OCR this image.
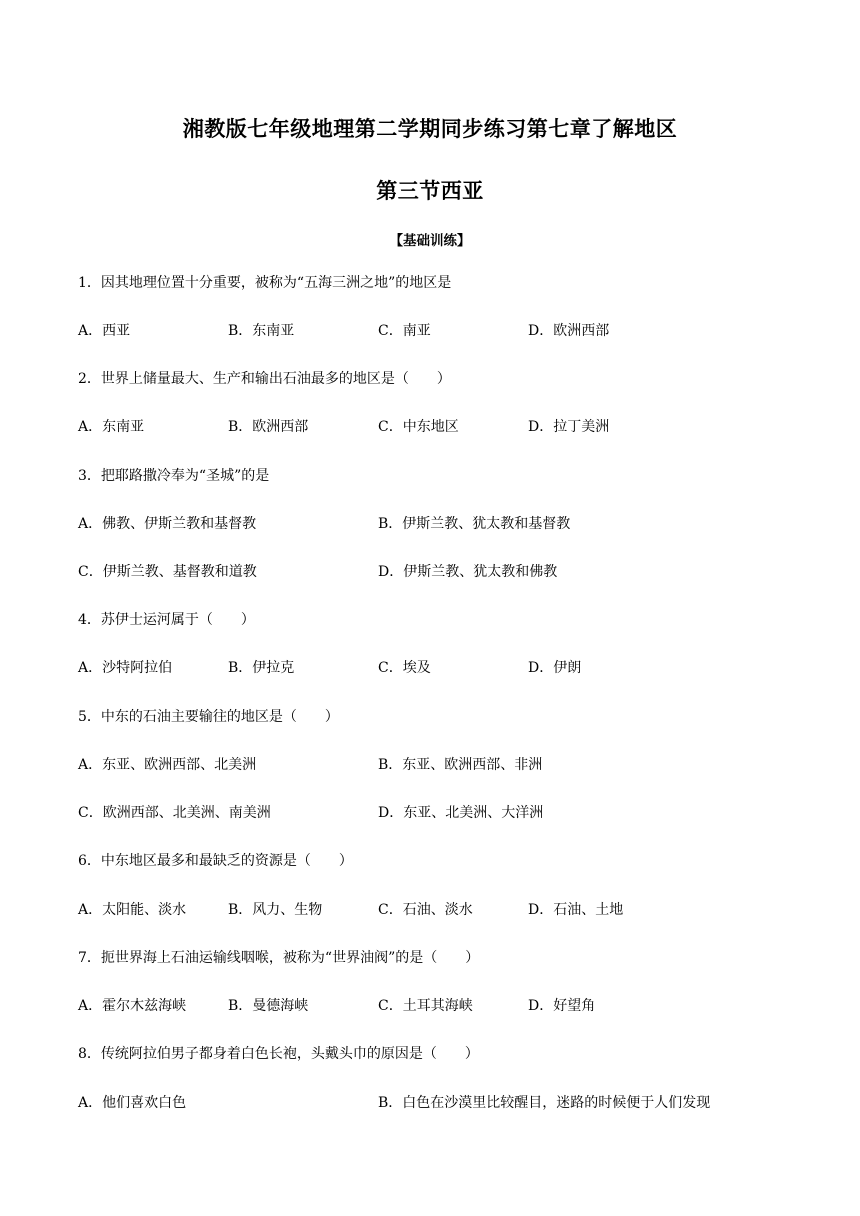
湘教版七年级地理第二学期同步练习第七章了解地区
第三节西亚
【基础训练】
1．因其地理位置十分重要，被称为“五海三洲之地”的地区是
A．西亚	B．东南亚	C．南亚	D．欧洲西部
2．世界上储量最大、生产和输出石油最多的地区是（　　）
A．东南亚	B．欧洲西部	C．中东地区	D．拉丁美洲
3．把耶路撒冷奉为“圣城”的是
A．佛教、伊斯兰教和基督教	B．伊斯兰教、犹太教和基督教
C．伊斯兰教、基督教和道教	D．伊斯兰教、犹太教和佛教
4．苏伊士运河属于（　　）
A．沙特阿拉伯	B．伊拉克	C．埃及	D．伊朗
5．中东的石油主要输往的地区是（　　）
A．东亚、欧洲西部、北美洲	B．东亚、欧洲西部、非洲
C．欧洲西部、北美洲、南美洲	D．东亚、北美洲、大洋洲
6．中东地区最多和最缺乏的资源是（　　）
A．太阳能、淡水	B．风力、生物	C．石油、淡水	D．石油、土地
7．扼世界海上石油运输线咽喉，被称为“世界油阀”的是（　　）
A．霍尔木兹海峡	B．曼德海峡	C．土耳其海峡	D．好望角
8．传统阿拉伯男子都身着白色长袍，头戴头巾的原因是（　　）
A．他们喜欢白色	B．白色在沙漠里比较醒目，迷路的时候便于人们发现
